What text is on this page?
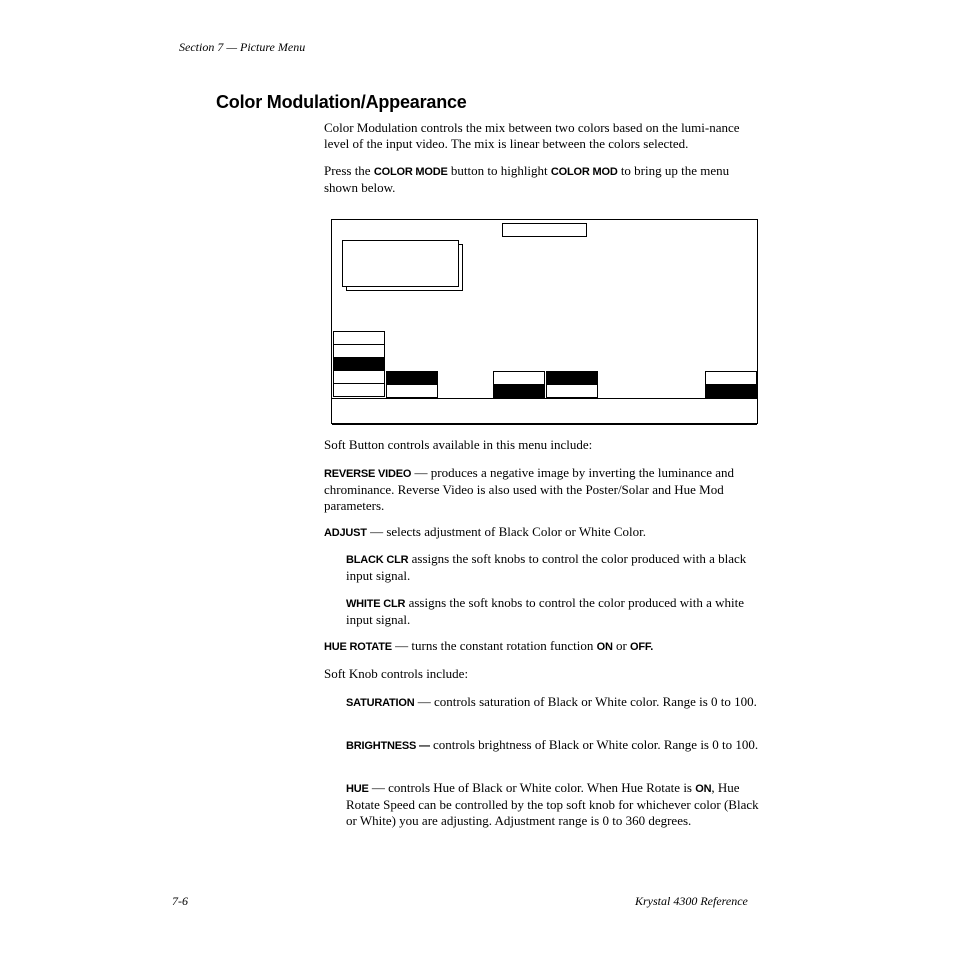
Section 7 — Picture Menu
Color Modulation/Appearance
Color Modulation controls the mix between two colors based on the lumi-nance level of the input video. The mix is linear between the colors selected.
Press the COLOR MODE button to highlight COLOR MOD to bring up the menu shown below.
Soft Button controls available in this menu include:
REVERSE VIDEO — produces a negative image by inverting the luminance and chrominance. Reverse Video is also used with the Poster/Solar and Hue Mod parameters.
ADJUST — selects adjustment of Black Color or White Color.
BLACK CLR assigns the soft knobs to control the color produced with a black input signal.
WHITE CLR assigns the soft knobs to control the color produced with a white input signal.
HUE ROTATE — turns the constant rotation function ON or OFF.
Soft Knob controls include:
SATURATION — controls saturation of Black or White color. Range is 0 to 100.
BRIGHTNESS — controls brightness of Black or White color. Range is 0 to 100.
HUE — controls Hue of Black or White color. When Hue Rotate is ON, Hue Rotate Speed can be controlled by the top soft knob for whichever color (Black or White) you are adjusting. Adjustment range is 0 to 360 degrees.
7-6	Krystal 4300 Reference
